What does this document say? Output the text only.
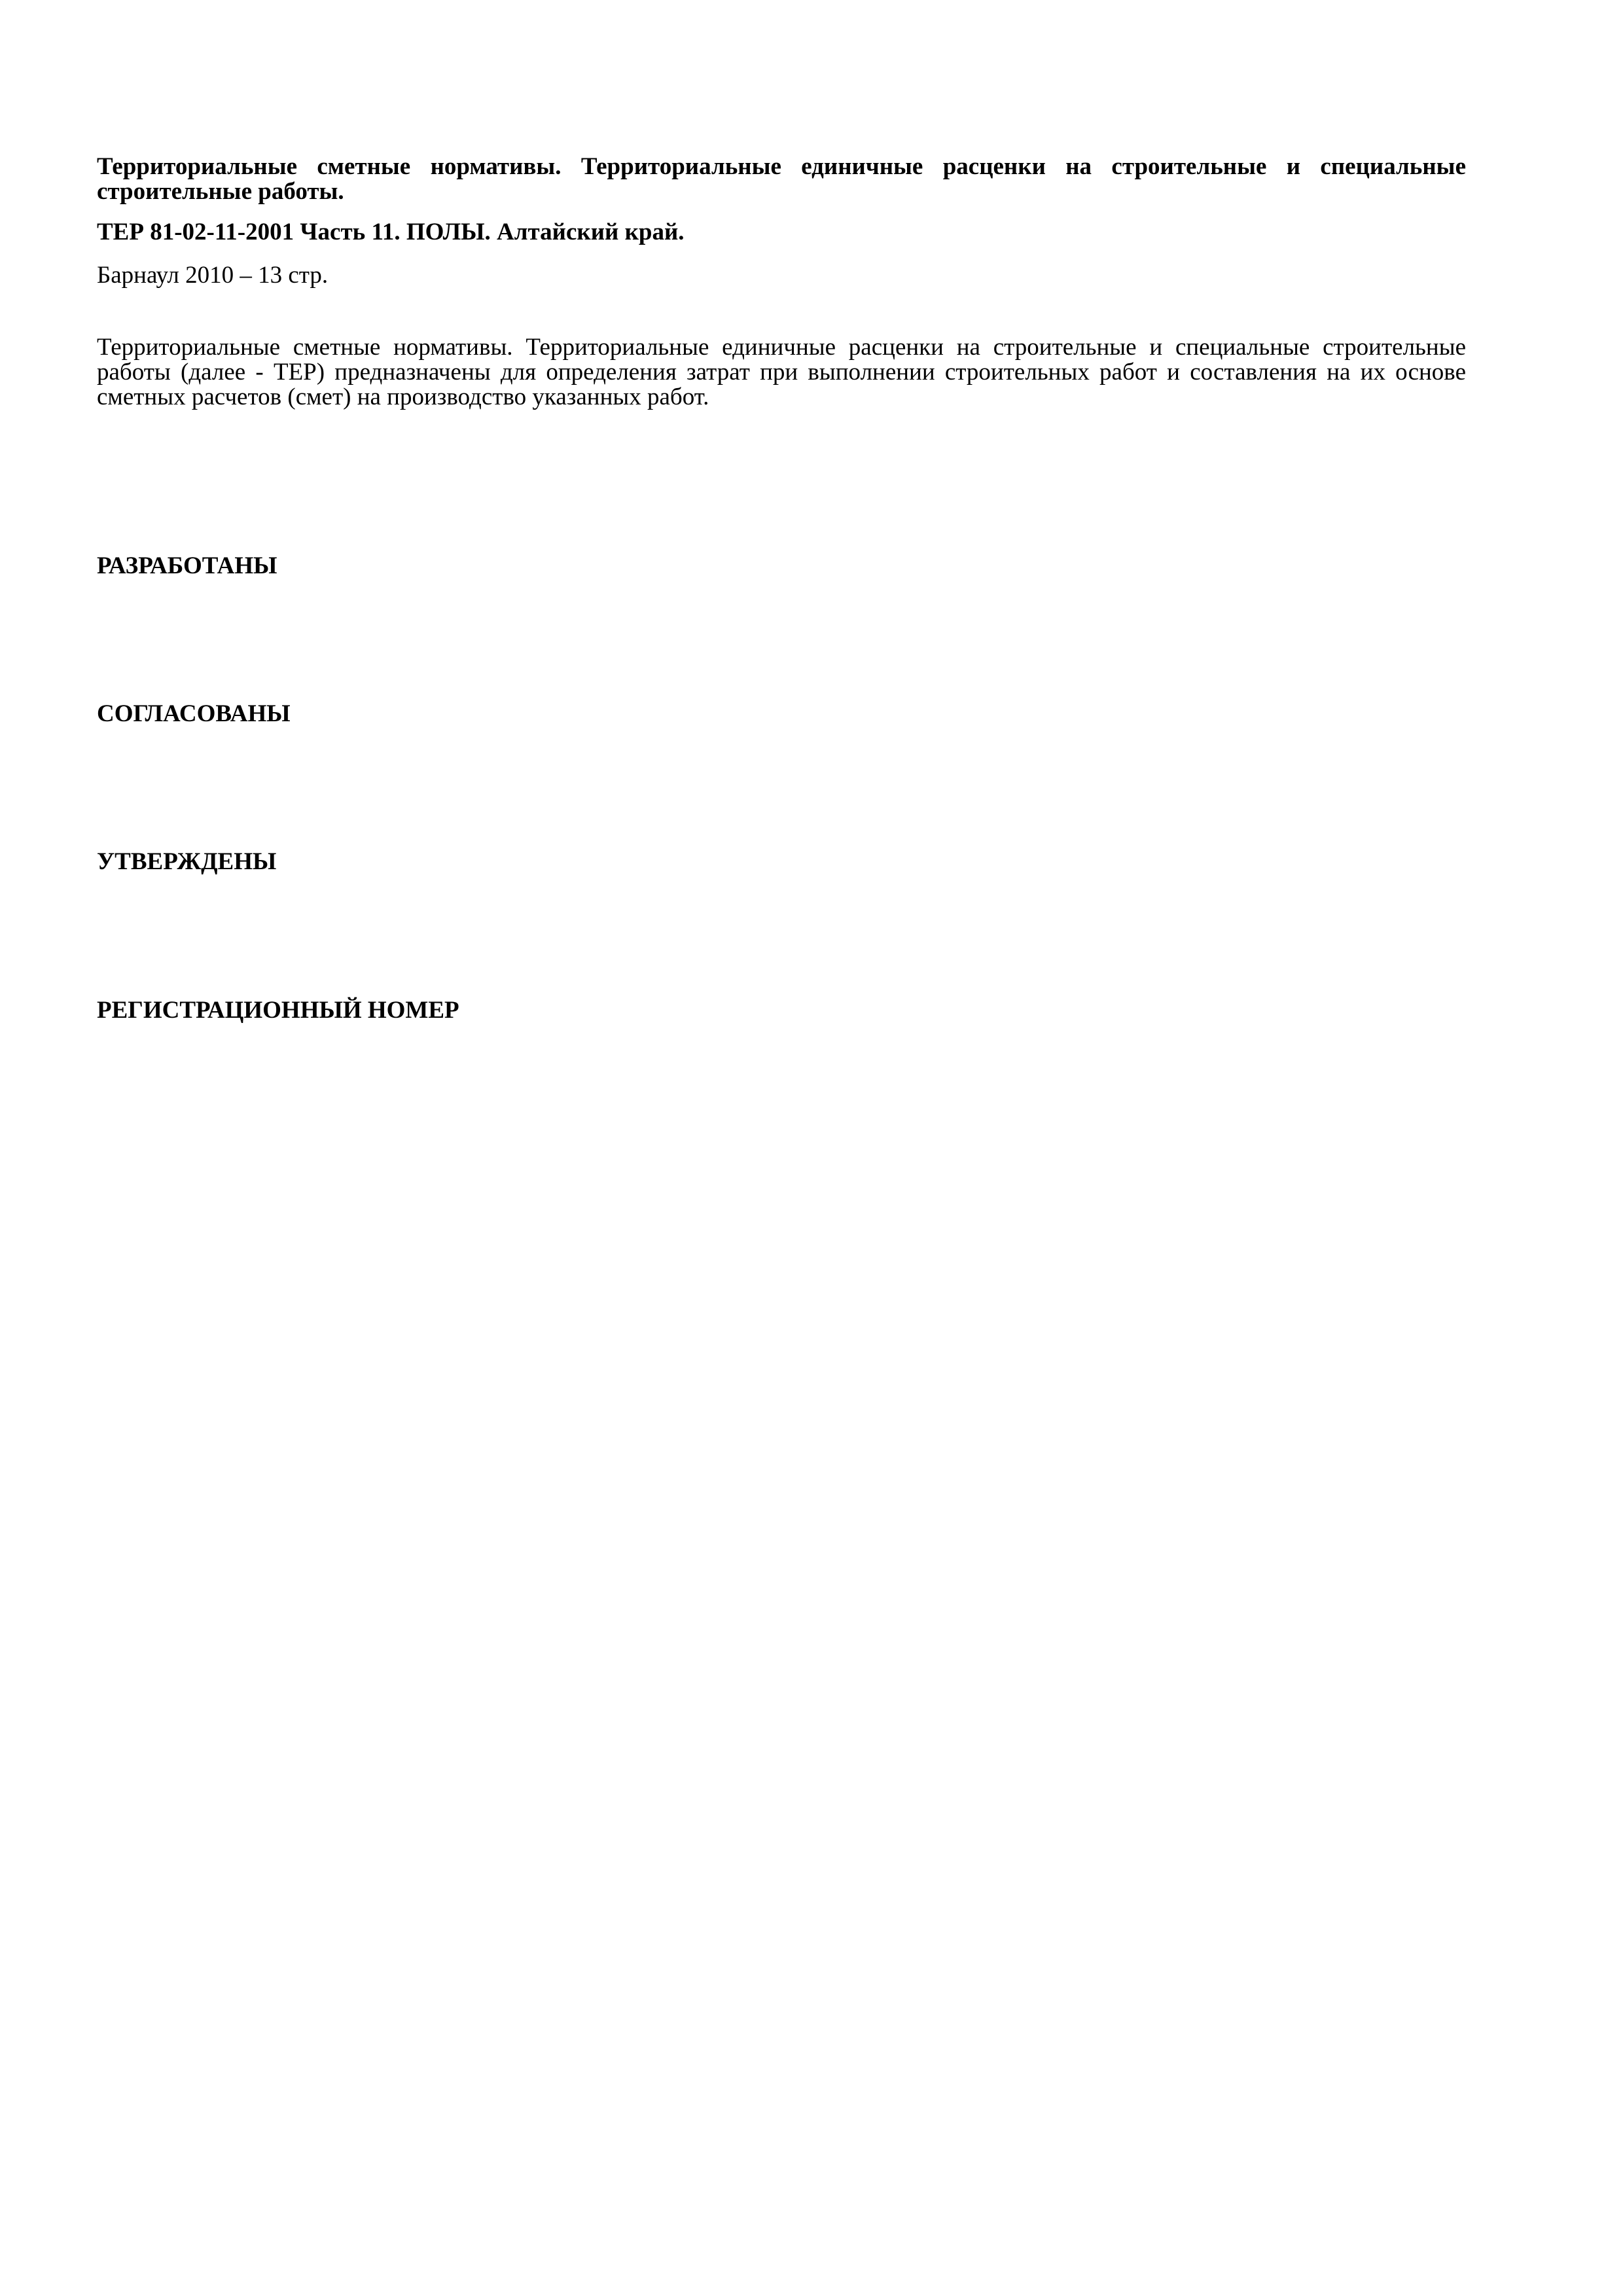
Территориальные сметные нормативы. Территориальные единичные расценки на строительные и специальные строительные работы.

ТЕР 81-02-11-2001 Часть 11. ПОЛЫ. Алтайский край.

Барнаул 2010 – 13 стр.

Территориальные сметные нормативы. Территориальные единичные расценки на строительные и специальные строительные работы (далее - ТЕР) предназначены для определения затрат при выполнении строительных работ и составления на их основе сметных расчетов (смет) на производство указанных работ.

РАЗРАБОТАНЫ

СОГЛАСОВАНЫ

УТВЕРЖДЕНЫ

РЕГИСТРАЦИОННЫЙ НОМЕР
